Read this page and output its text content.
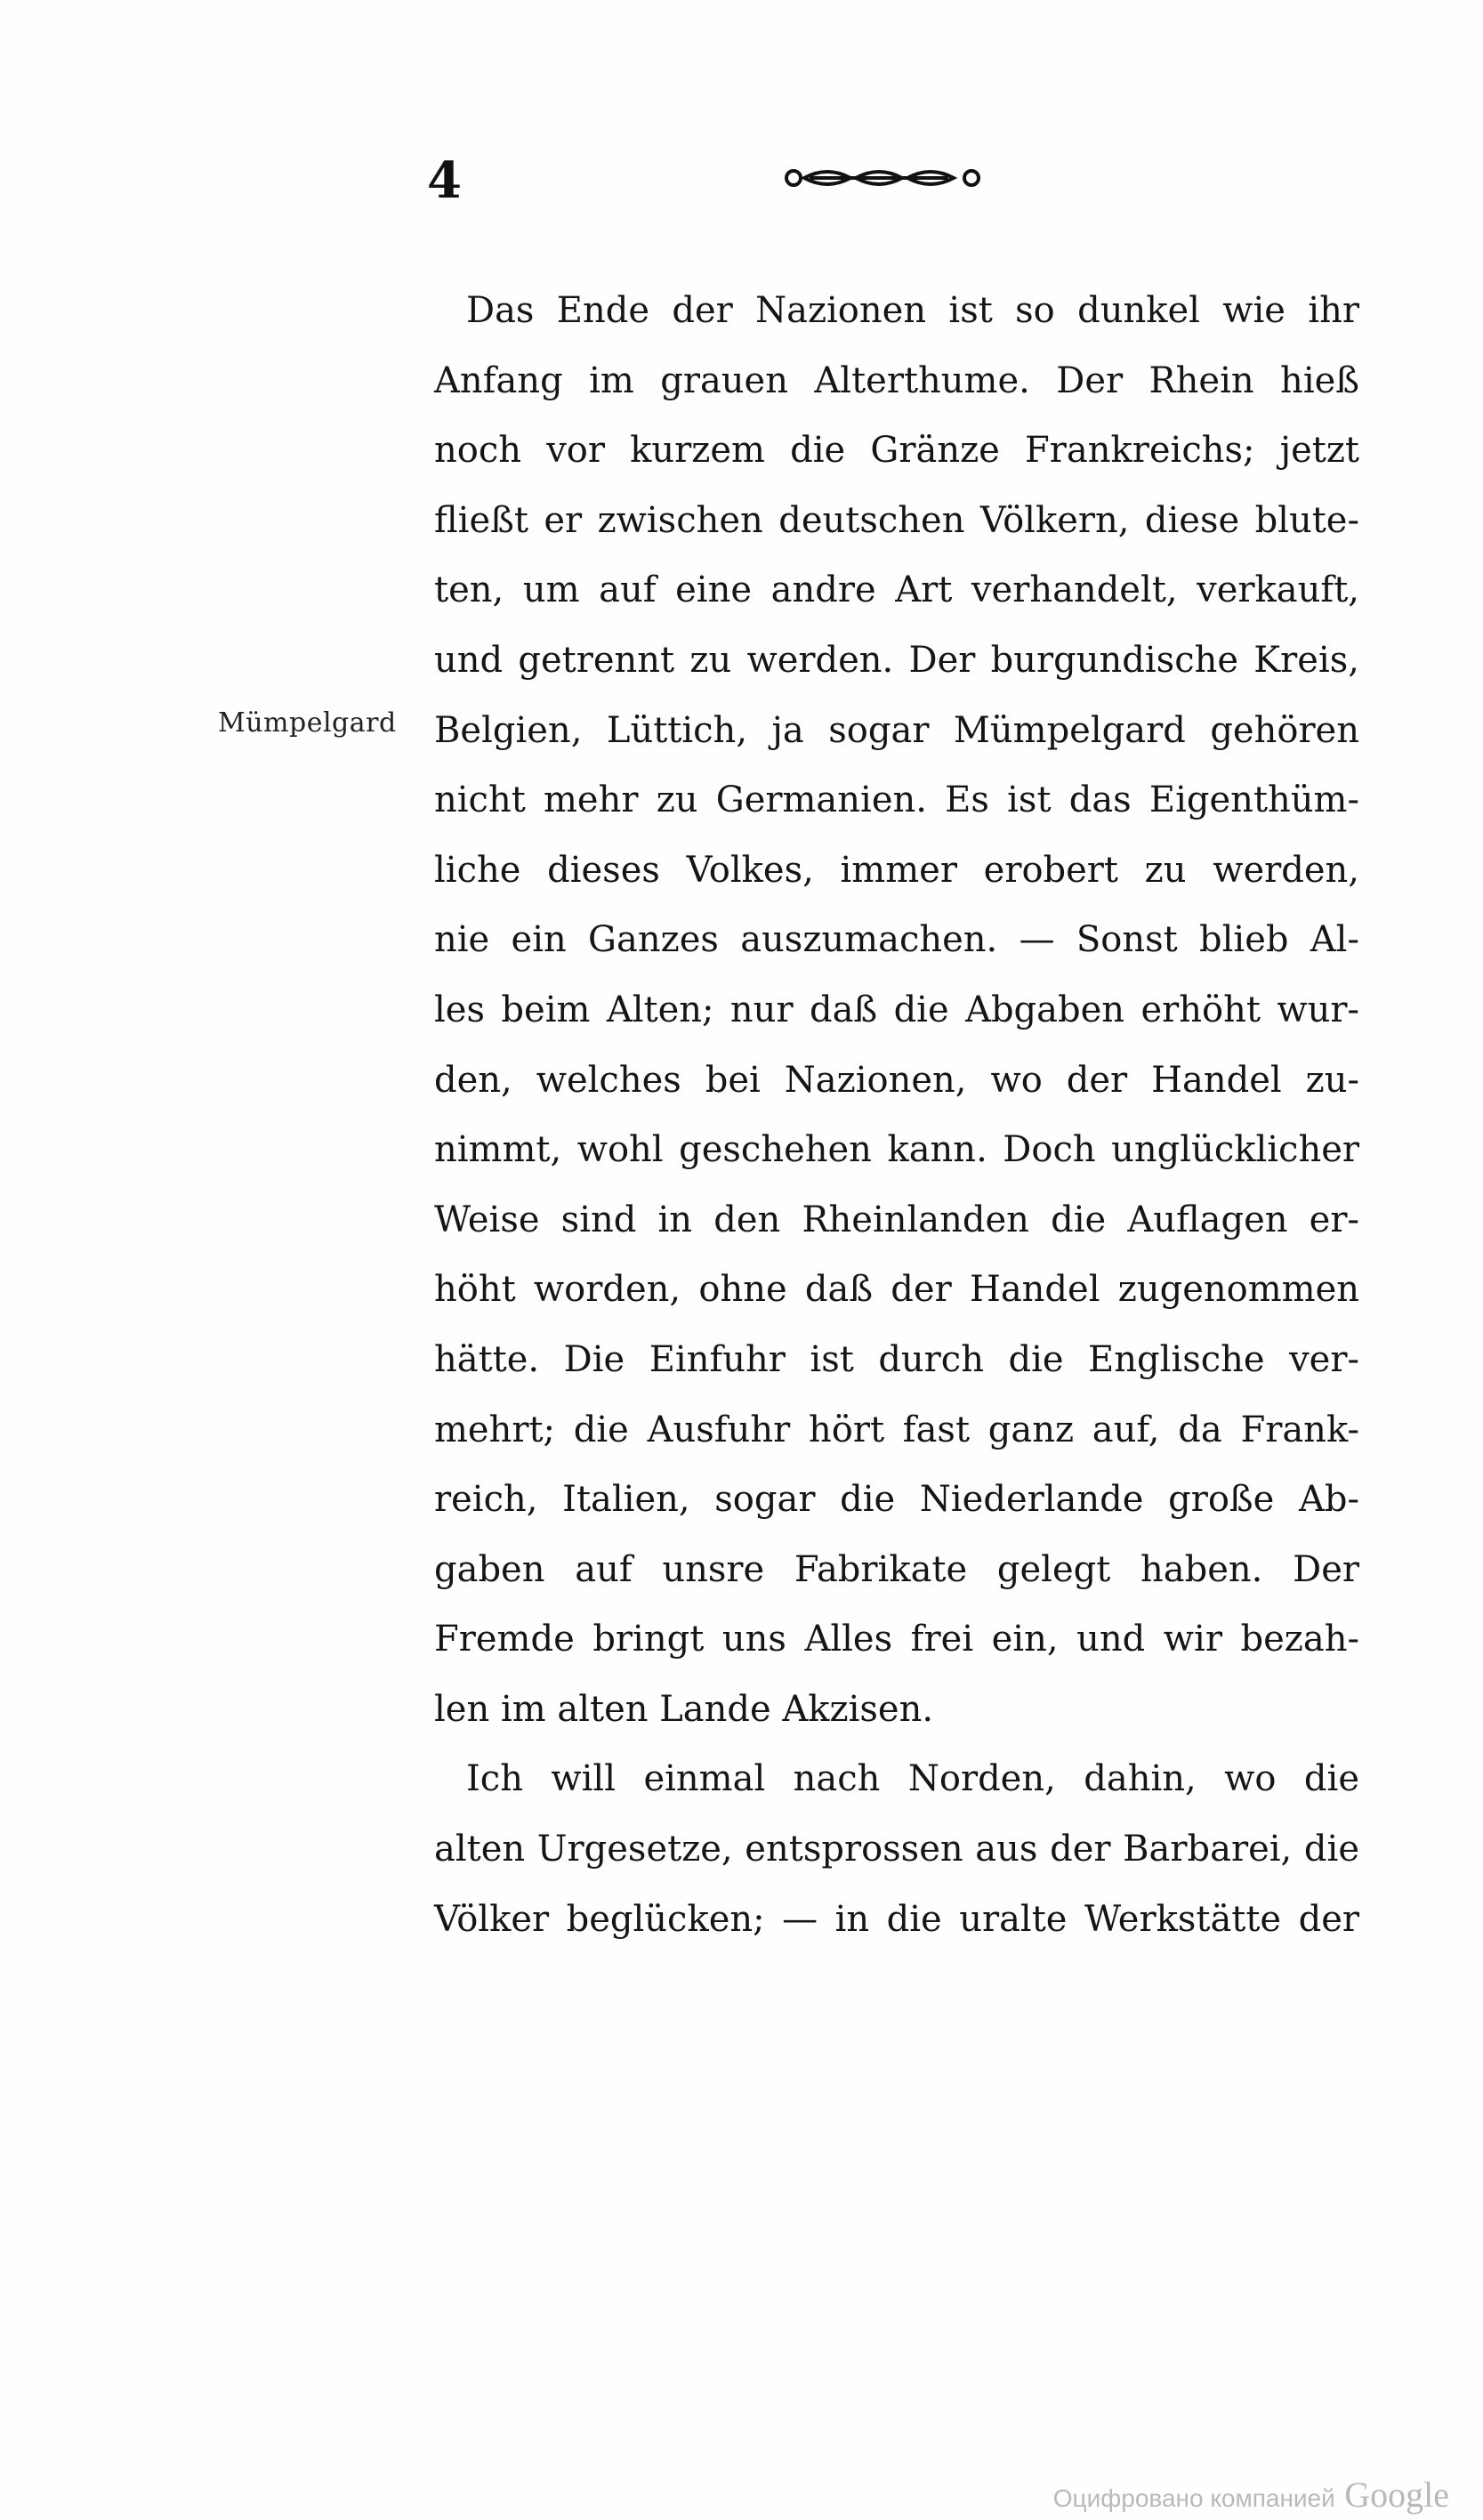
4
Mümpelgard
Das Ende der Nazionen ist so dunkel wie ihr
Anfang im grauen Alterthume. Der Rhein hieß
noch vor kurzem die Gränze Frankreichs; jetzt
fließt er zwischen deutschen Völkern, diese blute-
ten, um auf eine andre Art verhandelt, verkauft,
und getrennt zu werden. Der burgundische Kreis,
Belgien, Lüttich, ja sogar Mümpelgard gehören
nicht mehr zu Germanien. Es ist das Eigenthüm-
liche dieses Volkes, immer erobert zu werden,
nie ein Ganzes auszumachen. — Sonst blieb Al-
les beim Alten; nur daß die Abgaben erhöht wur-
den, welches bei Nazionen, wo der Handel zu-
nimmt, wohl geschehen kann. Doch unglücklicher
Weise sind in den Rheinlanden die Auflagen er-
höht worden, ohne daß der Handel zugenommen
hätte. Die Einfuhr ist durch die Englische ver-
mehrt; die Ausfuhr hört fast ganz auf, da Frank-
reich, Italien, sogar die Niederlande große Ab-
gaben auf unsre Fabrikate gelegt haben. Der
Fremde bringt uns Alles frei ein, und wir bezah-
len im alten Lande Akzisen.
Ich will einmal nach Norden, dahin, wo die
alten Urgesetze, entsprossen aus der Barbarei, die
Völker beglücken; — in die uralte Werkstätte der
Оцифровано компанией Google
